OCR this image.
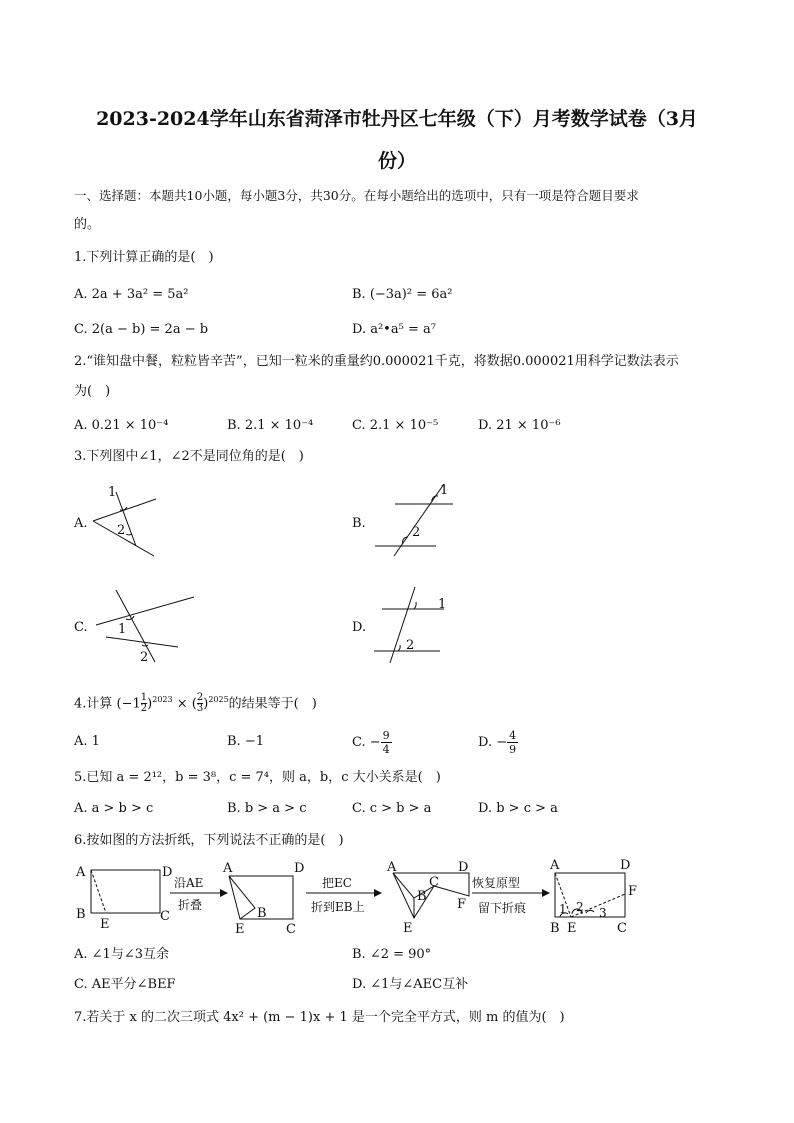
2023-2024学年山东省菏泽市牡丹区七年级（下）月考数学试卷（3月
份）
一、选择题：本题共10小题，每小题3分，共30分。在每小题给出的选项中，只有一项是符合题目要求
的。
1.下列计算正确的是(　)
A. 2a + 3a² = 5a²	B. (−3a)² = 6a²
C. 2(a − b) = 2a − b	D. a²•a⁵ = a⁷
2.“谁知盘中餐，粒粒皆辛苦”，已知一粒米的重量约0.000021千克，将数据0.000021用科学记数法表示
为(　)
A. 0.21 × 10⁻⁴	B. 2.1 × 10⁻⁴	C. 2.1 × 10⁻⁵	D. 21 × 10⁻⁶
3.下列图中∠1，∠2不是同位角的是(　)
A.
1
2	B.
1
2
C. 1
2
D.
1
2
4.计算 $(-1 \frac{1}{2} )^{2023}$ × ( $\frac{2}{3} )^{2025}$的结果等于(　)
A. 1	B. −1	C. − $\frac{9}{4}$	D. − $\frac{4}{9}$
5.已知 a = 2¹²，b = 3⁸，c = 7⁴，则 a，b，c 大小关系是(　)
A. a > b > c	B. b > a > c	C. c > b > a	D. b > c > a
6.按如图的方法折纸，下列说法不正确的是(　)
A	D
B
E
C
沿AE
折叠
A	D
B
E	C
把EC
折到EB上
A	D
B
C
F
E
恢复原型
留下折痕
A	D
F
B E	C
1 2 3
A. ∠1与∠3互余	B. ∠2 = 90°
C. AE平分∠BEF	D. ∠1与∠AEC互补
7.若关于 x 的二次三项式 4x² + (m − 1)x + 1 是一个完全平方式，则 m 的值为(　)
